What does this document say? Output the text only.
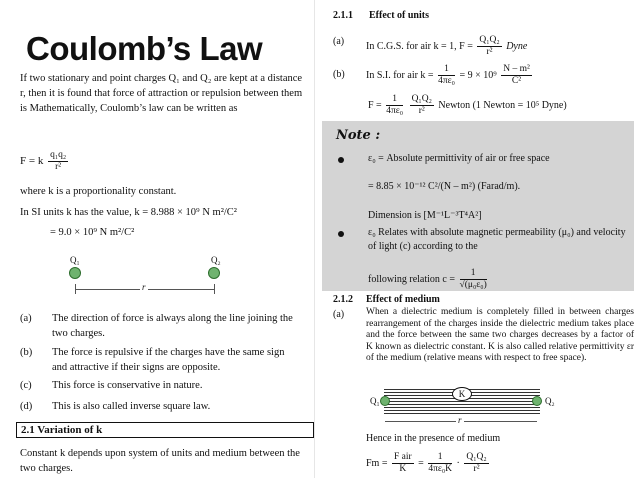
Coulomb’s Law
If two stationary and point charges Q₁ and Q₂ are kept at a distance r, then it is found that force of attraction or repulsion between them is Mathematically, Coulomb’s law can be written as
F = k $\frac{\text{q₁q₂}}{\text{r²}}$
where k is a proportionality constant.
In SI units k has the value, k = 8.988 × 10⁹ N m²/C²
= 9.0 × 10⁹ N m²/C²
Q₁	Q₂
r
(a) The direction of force is always along the line joining the two charges.
(b) The force is repulsive if the charges have the same sign and attractive if their signs are opposite.
(c) This force is conservative in nature.
(d) This is also called inverse square law.
2.1 Variation of k
Constant k depends upon system of units and medium between the two charges.
2.1.1 Effect of units
(a) In C.G.S. for air k = 1, $F = \frac{\text{Q₁Q₂}}{\text{r²}}$ Dyne
(b) In S.I. for air $k = \frac{1}{\text{4πε₀}} = 9 \times 10^9 \frac{\text{N – m²}}{\text{C²}}$
$F = \frac{1}{\text{4πε₀}}$
$\frac{\text{Q₁Q₂}}{\text{r²}}$ Newton (1 Newton = 10⁵ Dyne)
Note :
ε₀ = Absolute permittivity of air or free space
= 8.85 × 10⁻¹² C²/(N – m²) (Farad/m).
Dimension is [M⁻¹L⁻³T⁴A²]
ε₀ Relates with absolute magnetic permeability (μ₀) and velocity of light (c) according to the
following relation $c = \frac{1}{\text{√(μ₀ε₀)}}$
2.1.2 Effect of medium
(a) When a dielectric medium is completely filled in between charges rearrangement of the charges inside the dielectric medium takes place and the force between the same two charges decreases by a factor of K known as dielectric constant. K is also called relative permittivity εr of the medium (relative means with respect to free space).
K
Q₁	Q₂
r
Hence in the presence of medium
$Fm = \frac{\text{F air}}{K} = \frac{1}{\text{4πε₀K}} \cdot \frac{\text{Q₁Q₂}}{\text{r²}}$
